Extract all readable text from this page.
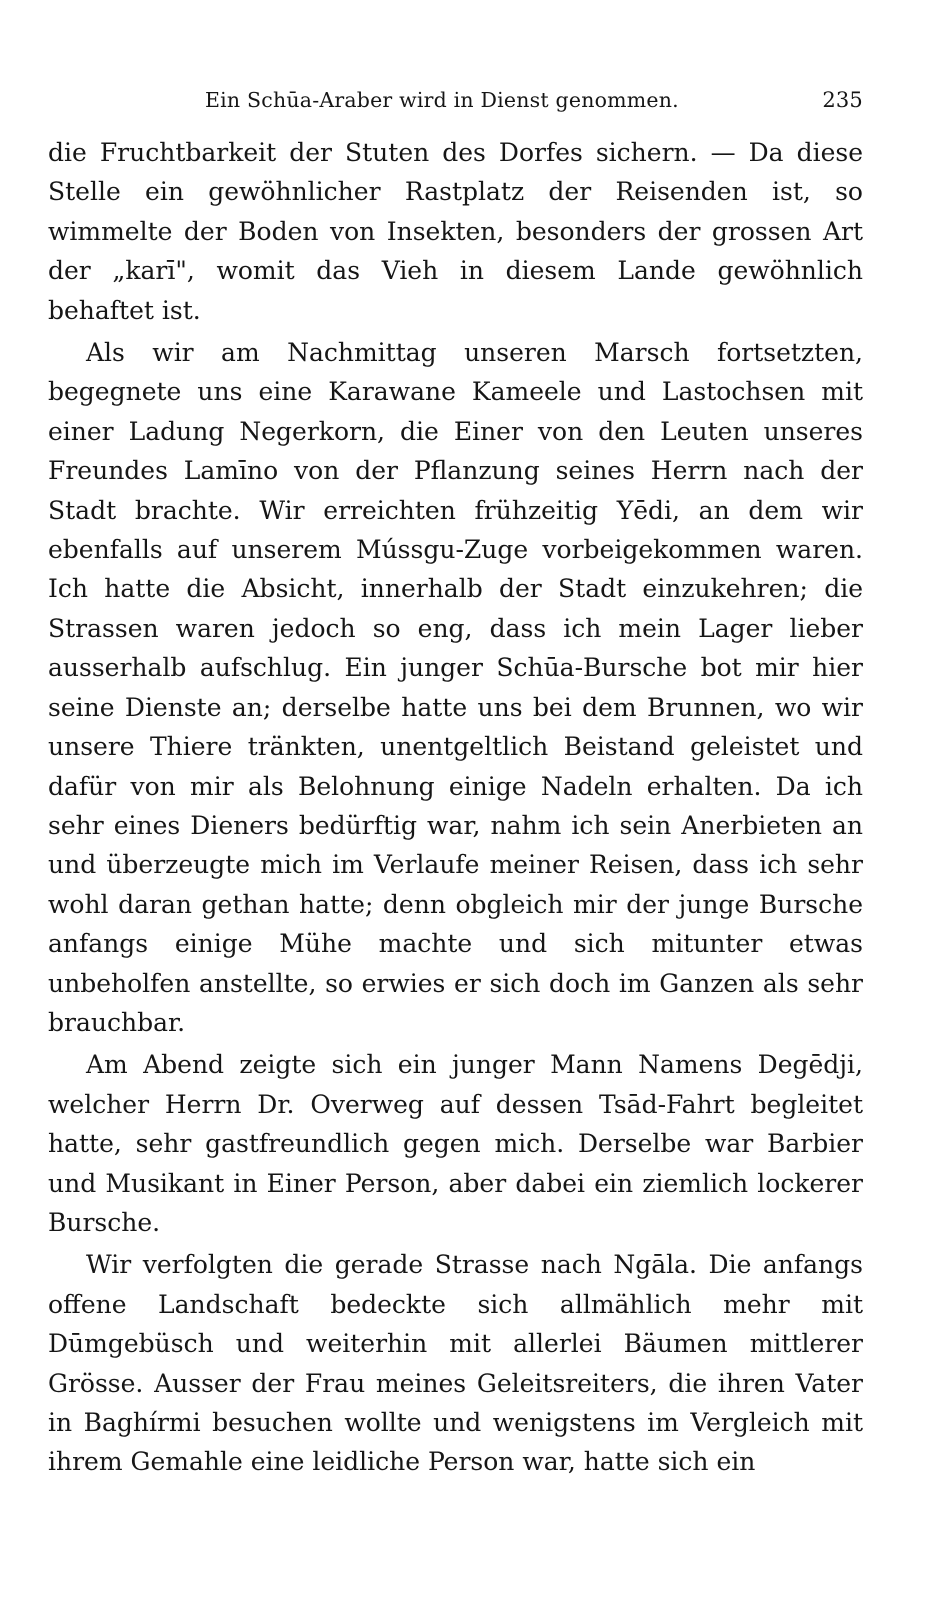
Ein Schūa-Araber wird in Dienst genommen.	235

die Fruchtbarkeit der Stuten des Dorfes sichern. — Da diese Stelle ein gewöhnlicher Rastplatz der Reisenden ist, so wimmelte der Boden von Insekten, besonders der grossen Art der „karī", womit das Vieh in diesem Lande gewöhnlich behaftet ist.

Als wir am Nachmittag unseren Marsch fortsetzten, begegnete uns eine Karawane Kameele und Lastochsen mit einer Ladung Negerkorn, die Einer von den Leuten unseres Freundes Lamīno von der Pflanzung seines Herrn nach der Stadt brachte. Wir erreichten frühzeitig Yēdi, an dem wir ebenfalls auf unserem Mússgu-Zuge vorbeigekommen waren. Ich hatte die Absicht, innerhalb der Stadt einzukehren; die Strassen waren jedoch so eng, dass ich mein Lager lieber ausserhalb aufschlug. Ein junger Schūa-Bursche bot mir hier seine Dienste an; derselbe hatte uns bei dem Brunnen, wo wir unsere Thiere tränkten, unentgeltlich Beistand geleistet und dafür von mir als Belohnung einige Nadeln erhalten. Da ich sehr eines Dieners bedürftig war, nahm ich sein Anerbieten an und überzeugte mich im Verlaufe meiner Reisen, dass ich sehr wohl daran gethan hatte; denn obgleich mir der junge Bursche anfangs einige Mühe machte und sich mitunter etwas unbeholfen anstellte, so erwies er sich doch im Ganzen als sehr brauchbar.

Am Abend zeigte sich ein junger Mann Namens Degēdji, welcher Herrn Dr. Overweg auf dessen Tsād-Fahrt begleitet hatte, sehr gastfreundlich gegen mich. Derselbe war Barbier und Musikant in Einer Person, aber dabei ein ziemlich lockerer Bursche.

Wir verfolgten die gerade Strasse nach Ngāla. Die anfangs offene Landschaft bedeckte sich allmählich mehr mit Dūmgebüsch und weiterhin mit allerlei Bäumen mittlerer Grösse. Ausser der Frau meines Geleitsreiters, die ihren Vater in Baghírmi besuchen wollte und wenigstens im Vergleich mit ihrem Gemahle eine leidliche Person war, hatte sich ein
